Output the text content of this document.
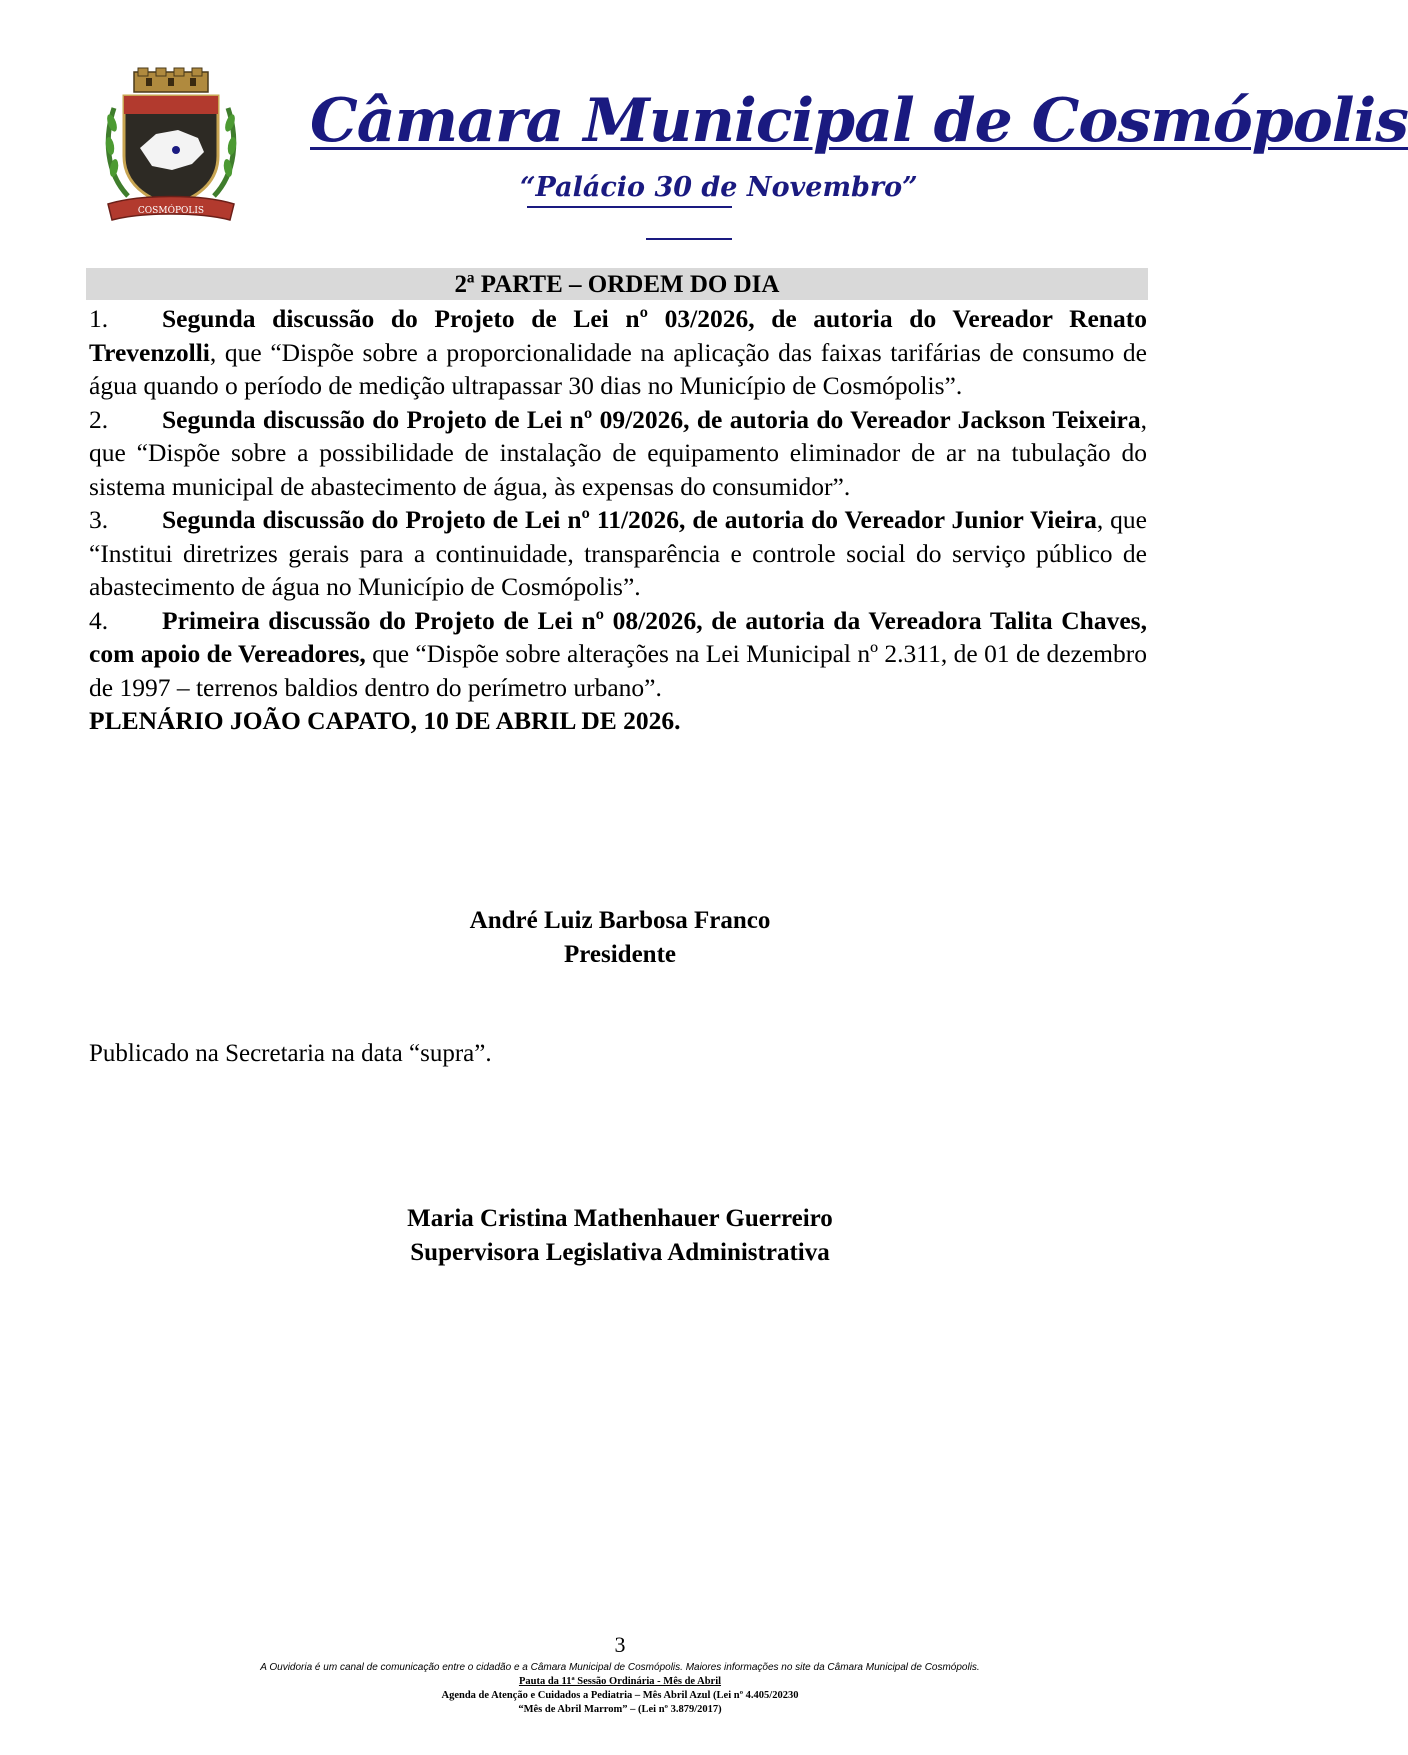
COSMÓPOLIS
Câmara Municipal de Cosmópolis
“Palácio 30 de Novembro”
2ª PARTE – ORDEM DO DIA

1. Segunda discussão do Projeto de Lei nº 03/2026, de autoria do Vereador Renato Trevenzolli, que “Dispõe sobre a proporcionalidade na aplicação das faixas tarifárias de consumo de água quando o período de medição ultrapassar 30 dias no Município de Cosmópolis”.

2. Segunda discussão do Projeto de Lei nº 09/2026, de autoria do Vereador Jackson Teixeira, que “Dispõe sobre a possibilidade de instalação de equipamento eliminador de ar na tubulação do sistema municipal de abastecimento de água, às expensas do consumidor”.

3. Segunda discussão do Projeto de Lei nº 11/2026, de autoria do Vereador Junior Vieira, que “Institui diretrizes gerais para a continuidade, transparência e controle social do serviço público de abastecimento de água no Município de Cosmópolis”.

4. Primeira discussão do Projeto de Lei nº 08/2026, de autoria da Vereadora Talita Chaves, com apoio de Vereadores, que “Dispõe sobre alterações na Lei Municipal nº 2.311, de 01 de dezembro de 1997 – terrenos baldios dentro do perímetro urbano”.

PLENÁRIO JOÃO CAPATO, 10 DE ABRIL DE 2026.

André Luiz Barbosa Franco
Presidente
Publicado na Secretaria na data “supra”.
Maria Cristina Mathenhauer Guerreiro
Supervisora Legislativa Administrativa
3
A Ouvidoria é um canal de comunicação entre o cidadão e a Câmara Municipal de Cosmópolis. Maiores informações no site da Câmara Municipal de Cosmópolis.
Pauta da 11ª Sessão Ordinária - Mês de Abril
Agenda de Atenção e Cuidados a Pediatria – Mês Abril Azul (Lei nº 4.405/20230
“Mês de Abril Marrom” – (Lei nº 3.879/2017)
